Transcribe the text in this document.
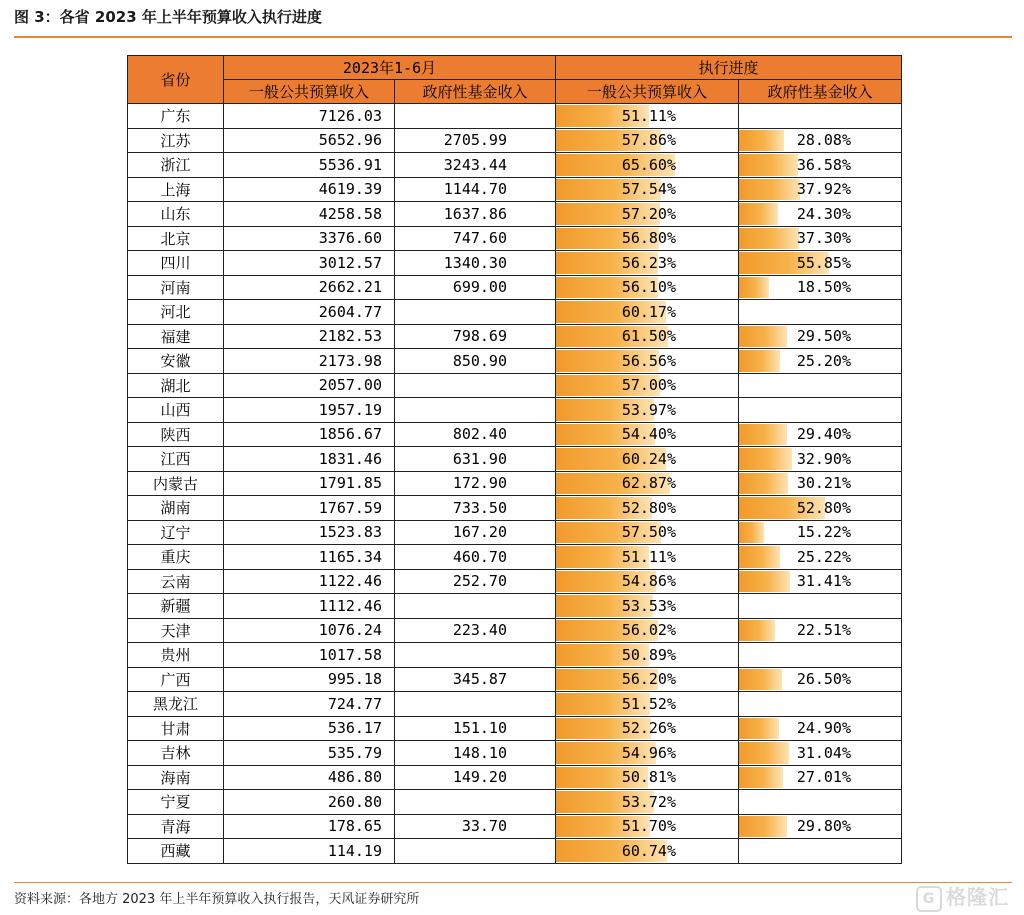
图 3：各省 2023 年上半年预算收入执行进度
省份	2023年1-6月		执行进度	
	一般公共预算收入	政府性基金收入	一般公共预算收入	政府性基金收入
广东	7126.03		51.11%	
江苏	5652.96	2705.99	57.86%	28.08%
浙江	5536.91	3243.44	65.60%	36.58%
上海	4619.39	1144.70	57.54%	37.92%
山东	4258.58	1637.86	57.20%	24.30%
北京	3376.60	747.60	56.80%	37.30%
四川	3012.57	1340.30	56.23%	55.85%
河南	2662.21	699.00	56.10%	18.50%
河北	2604.77		60.17%	
福建	2182.53	798.69	61.50%	29.50%
安徽	2173.98	850.90	56.56%	25.20%
湖北	2057.00		57.00%	
山西	1957.19		53.97%	
陕西	1856.67	802.40	54.40%	29.40%
江西	1831.46	631.90	60.24%	32.90%
内蒙古	1791.85	172.90	62.87%	30.21%
湖南	1767.59	733.50	52.80%	52.80%
辽宁	1523.83	167.20	57.50%	15.22%
重庆	1165.34	460.70	51.11%	25.22%
云南	1122.46	252.70	54.86%	31.41%
新疆	1112.46		53.53%	
天津	1076.24	223.40	56.02%	22.51%
贵州	1017.58		50.89%	
广西	995.18	345.87	56.20%	26.50%
黑龙江	724.77		51.52%	
甘肃	536.17	151.10	52.26%	24.90%
吉林	535.79	148.10	54.96%	31.04%
海南	486.80	149.20	50.81%	27.01%
宁夏	260.80		53.72%	
青海	178.65	33.70	51.70%	29.80%
西藏	114.19		60.74%	
资料来源：各地方 2023 年上半年预算收入执行报告，天风证券研究所	G 格隆汇
